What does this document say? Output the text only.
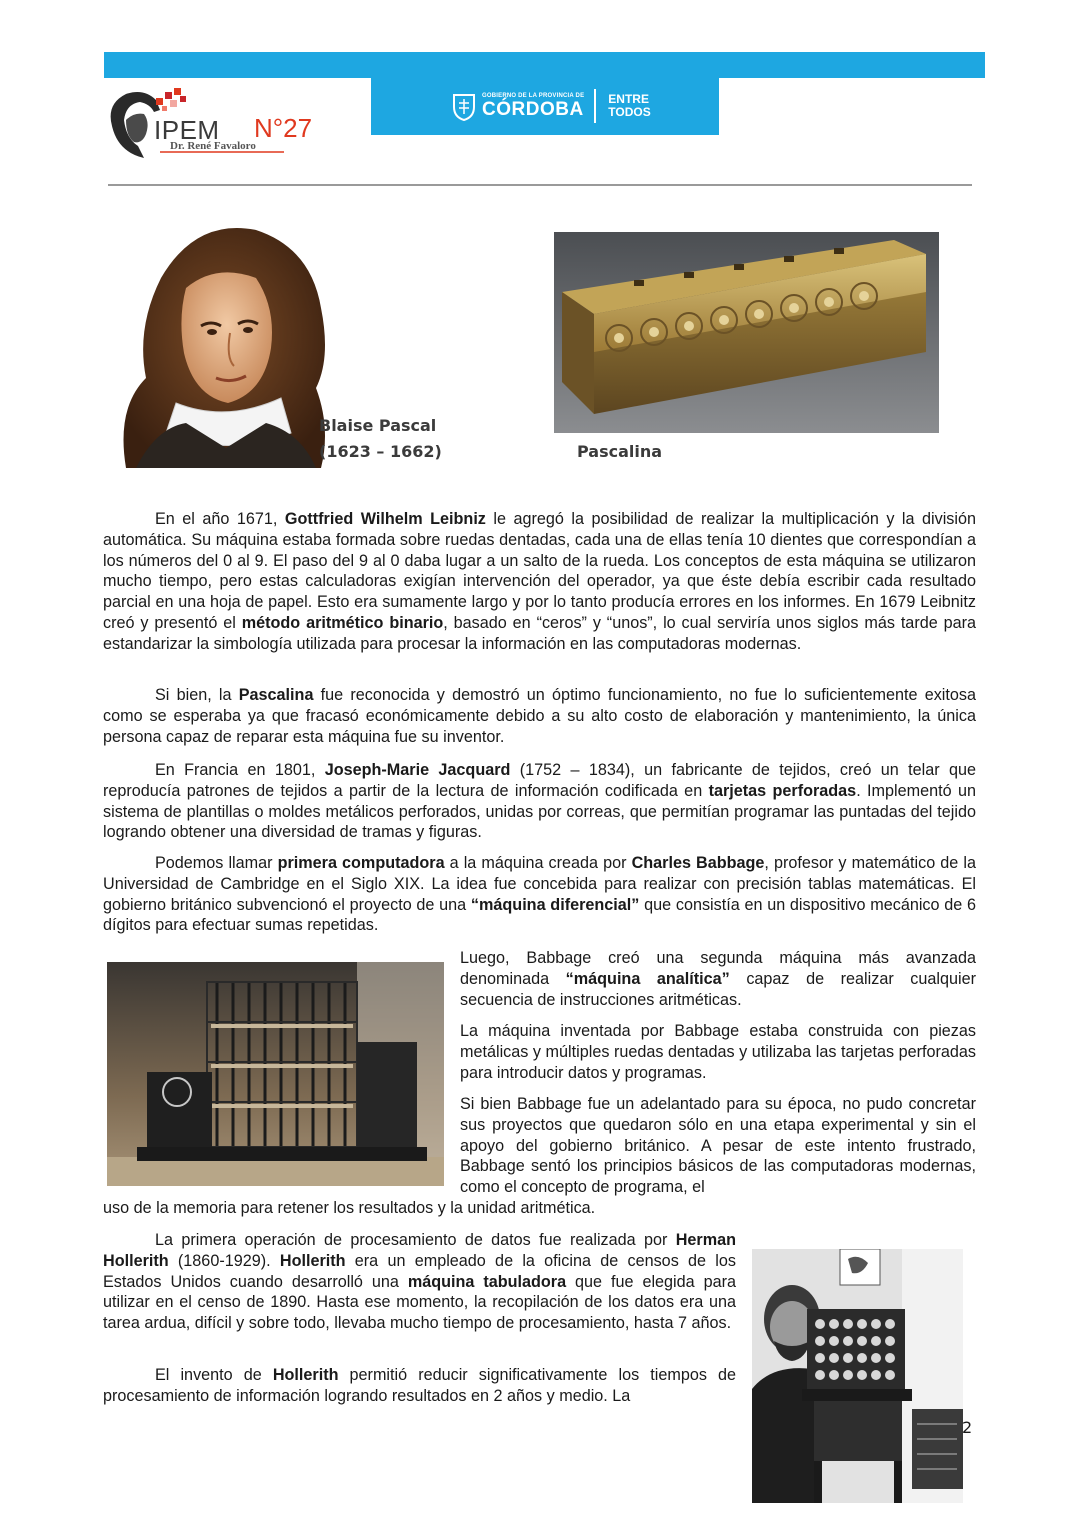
IPEM N°27
Dr. René Favaloro
GOBIERNO DE LA PROVINCIA DE
CÓRDOBA ENTRE
TODOS
Blaise Pascal
(1623 – 1662)	Pascalina

En el año 1671, Gottfried Wilhelm Leibniz le agregó la posibilidad de realizar la multiplicación y la división automática. Su máquina estaba formada sobre ruedas dentadas, cada una de ellas tenía 10 dientes que correspondían a los números del 0 al 9. El paso del 9 al 0 daba lugar a un salto de la rueda. Los conceptos de esta máquina se utilizaron mucho tiempo, pero estas calculadoras exigían intervención del operador, ya que éste debía escribir cada resultado parcial en una hoja de papel. Esto era sumamente largo y por lo tanto producía errores en los informes. En 1679 Leibnitz creó y presentó el método aritmético binario, basado en “ceros” y “unos”, lo cual serviría unos siglos más tarde para estandarizar la simbología utilizada para procesar la información en las computadoras modernas.

Si bien, la Pascalina fue reconocida y demostró un óptimo funcionamiento, no fue lo suficientemente exitosa como se esperaba ya que fracasó económicamente debido a su alto costo de elaboración y mantenimiento, la única persona capaz de reparar esta máquina fue su inventor.

En Francia en 1801, Joseph-Marie Jacquard (1752 – 1834), un fabricante de tejidos, creó un telar que reproducía patrones de tejidos a partir de la lectura de información codificada en tarjetas perforadas. Implementó un sistema de plantillas o moldes metálicos perforados, unidas por correas, que permitían programar las puntadas del tejido logrando obtener una diversidad de tramas y figuras.

Podemos llamar primera computadora a la máquina creada por Charles Babbage, profesor y matemático de la Universidad de Cambridge en el Siglo XIX. La idea fue concebida para realizar con precisión tablas matemáticas. El gobierno británico subvencionó el proyecto de una “máquina diferencial” que consistía en un dispositivo mecánico de 6 dígitos para efectuar sumas repetidas.

Luego, Babbage creó una segunda máquina más avanzada denominada “máquina analítica” capaz de realizar cualquier secuencia de instrucciones aritméticas.

La máquina inventada por Babbage estaba construida con piezas metálicas y múltiples ruedas dentadas y utilizaba las tarjetas perforadas para introducir datos y programas.

Si bien Babbage fue un adelantado para su época, no pudo concretar sus proyectos que quedaron sólo en una etapa experimental y sin el apoyo del gobierno británico. A pesar de este intento frustrado, Babbage sentó los principios básicos de las computadoras modernas, como el concepto de programa, el

uso de la memoria para retener los resultados y la unidad aritmética.

La primera operación de procesamiento de datos fue realizada por Herman Hollerith (1860-1929). Hollerith era un empleado de la oficina de censos de los Estados Unidos cuando desarrolló una máquina tabuladora que fue elegida para utilizar en el censo de 1890. Hasta ese momento, la recopilación de los datos era una tarea ardua, difícil y sobre todo, llevaba mucho tiempo de procesamiento, hasta 7 años.

El invento de Hollerith permitió reducir significativamente los tiempos de procesamiento de información logrando resultados en 2 años y medio. La

2
